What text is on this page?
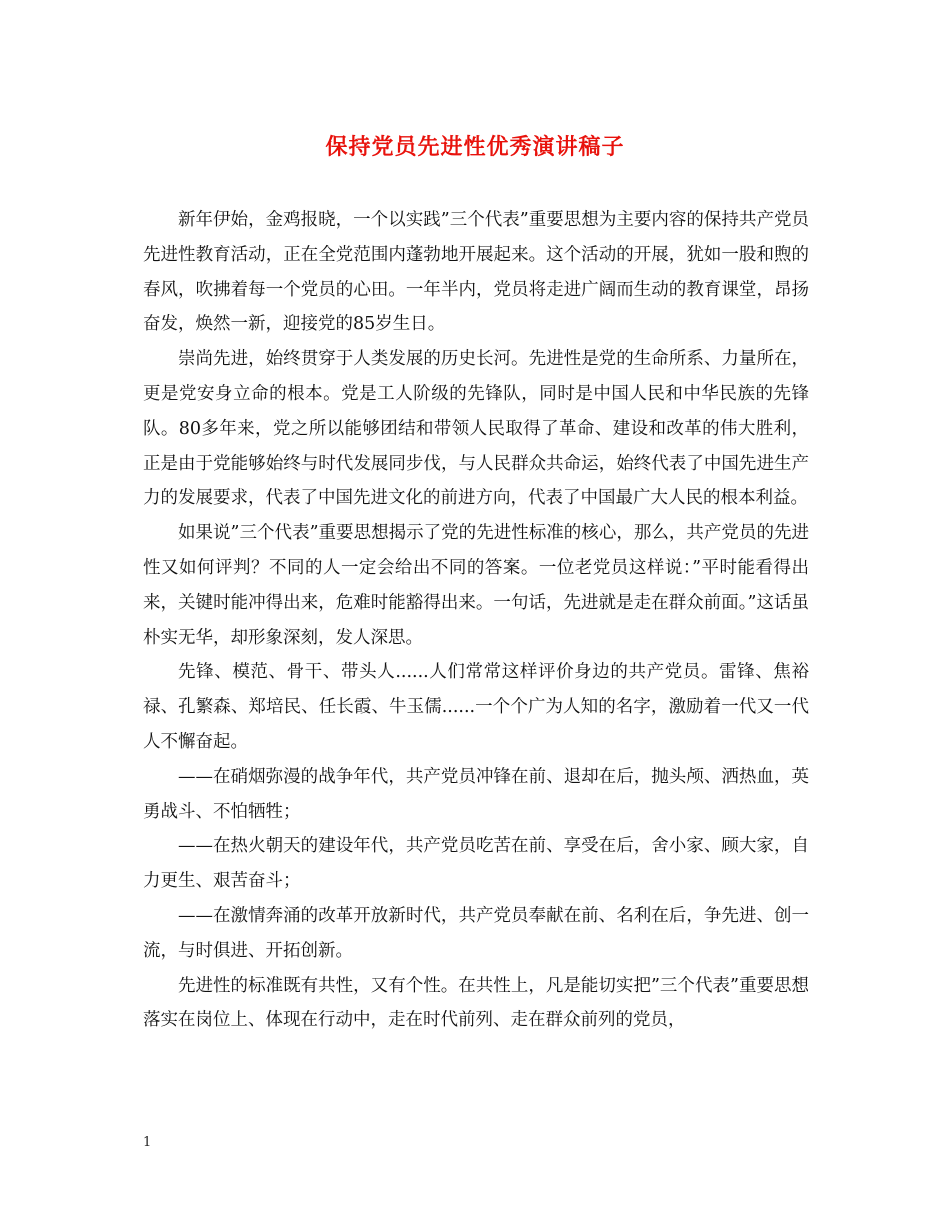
保持党员先进性优秀演讲稿子

新年伊始，金鸡报晓，一个以实践”三个代表”重要思想为主要内容的保持共产党员先进性教育活动，正在全党范围内蓬勃地开展起来。这个活动的开展，犹如一股和煦的春风，吹拂着每一个党员的心田。一年半内，党员将走进广阔而生动的教育课堂，昂扬奋发，焕然一新，迎接党的85岁生日。

崇尚先进，始终贯穿于人类发展的历史长河。先进性是党的生命所系、力量所在，更是党安身立命的根本。党是工人阶级的先锋队，同时是中国人民和中华民族的先锋队。80多年来，党之所以能够团结和带领人民取得了革命、建设和改革的伟大胜利，正是由于党能够始终与时代发展同步伐，与人民群众共命运，始终代表了中国先进生产力的发展要求，代表了中国先进文化的前进方向，代表了中国最广大人民的根本利益。

如果说”三个代表”重要思想揭示了党的先进性标准的核心，那么，共产党员的先进性又如何评判？不同的人一定会给出不同的答案。一位老党员这样说：”平时能看得出来，关键时能冲得出来，危难时能豁得出来。一句话，先进就是走在群众前面。”这话虽朴实无华，却形象深刻，发人深思。

先锋、模范、骨干、带头人......人们常常这样评价身边的共产党员。雷锋、焦裕禄、孔繁森、郑培民、任长霞、牛玉儒......一个个广为人知的名字，激励着一代又一代人不懈奋起。

——在硝烟弥漫的战争年代，共产党员冲锋在前、退却在后，抛头颅、洒热血，英勇战斗、不怕牺牲；

——在热火朝天的建设年代，共产党员吃苦在前、享受在后，舍小家、顾大家，自力更生、艰苦奋斗；

——在激情奔涌的改革开放新时代，共产党员奉献在前、名利在后，争先进、创一流，与时俱进、开拓创新。

先进性的标准既有共性，又有个性。在共性上，凡是能切实把”三个代表”重要思想落实在岗位上、体现在行动中，走在时代前列、走在群众前列的党员，

1
